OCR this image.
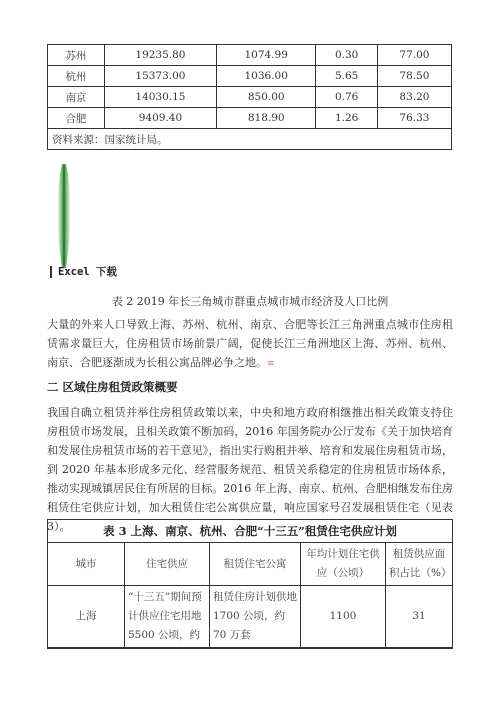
苏州	19235.80	1074.99	0.30	77.00
杭州	15373.00	1036.00	5.65	78.50
南京	14030.15	850.00	0.76	83.20
合肥	9409.40	818.90	1.26	76.33
资料来源：国家统计局。				
Excel 下载
表 2 2019 年长三角城市群重点城市城市经济及人口比例
大量的外来人口导致上海、苏州、杭州、南京、合肥等长江三角洲重点城市住房租赁需求量巨大，住房租赁市场前景广阔，促使长江三角洲地区上海、苏州、杭州、南京、合肥逐渐成为长租公寓品牌必争之地。≡
二 区域住房租赁政策概要
我国自确立租赁并举住房租赁政策以来，中央和地方政府相继推出相关政策支持住房租赁市场发展，且相关政策不断加码，2016 年国务院办公厅发布《关于加快培育和发展住房租赁市场的若干意见》，指出实行购租并举、培育和发展住房租赁市场，到 2020 年基本形成多元化、经营服务规范、租赁关系稳定的住房租赁市场体系，推动实现城镇居民住有所居的目标。2016 年上海、南京、杭州、合肥相继发布住房租赁住宅供应计划，加大租赁住宅公寓供应量，响应国家号召发展租赁住宅（见表 3）。	表 3 上海、南京、杭州、合肥“十三五”租赁住宅供应计划
城市	住宅供应	租赁住宅公寓	年均计划住宅供应（公顷）	租赁供应面积占比（%）
上海	“十三五”期间预计供应住宅用地 5500 公顷，约	租赁住房计划供地 1700 公顷，约 70 万套	1100	31
